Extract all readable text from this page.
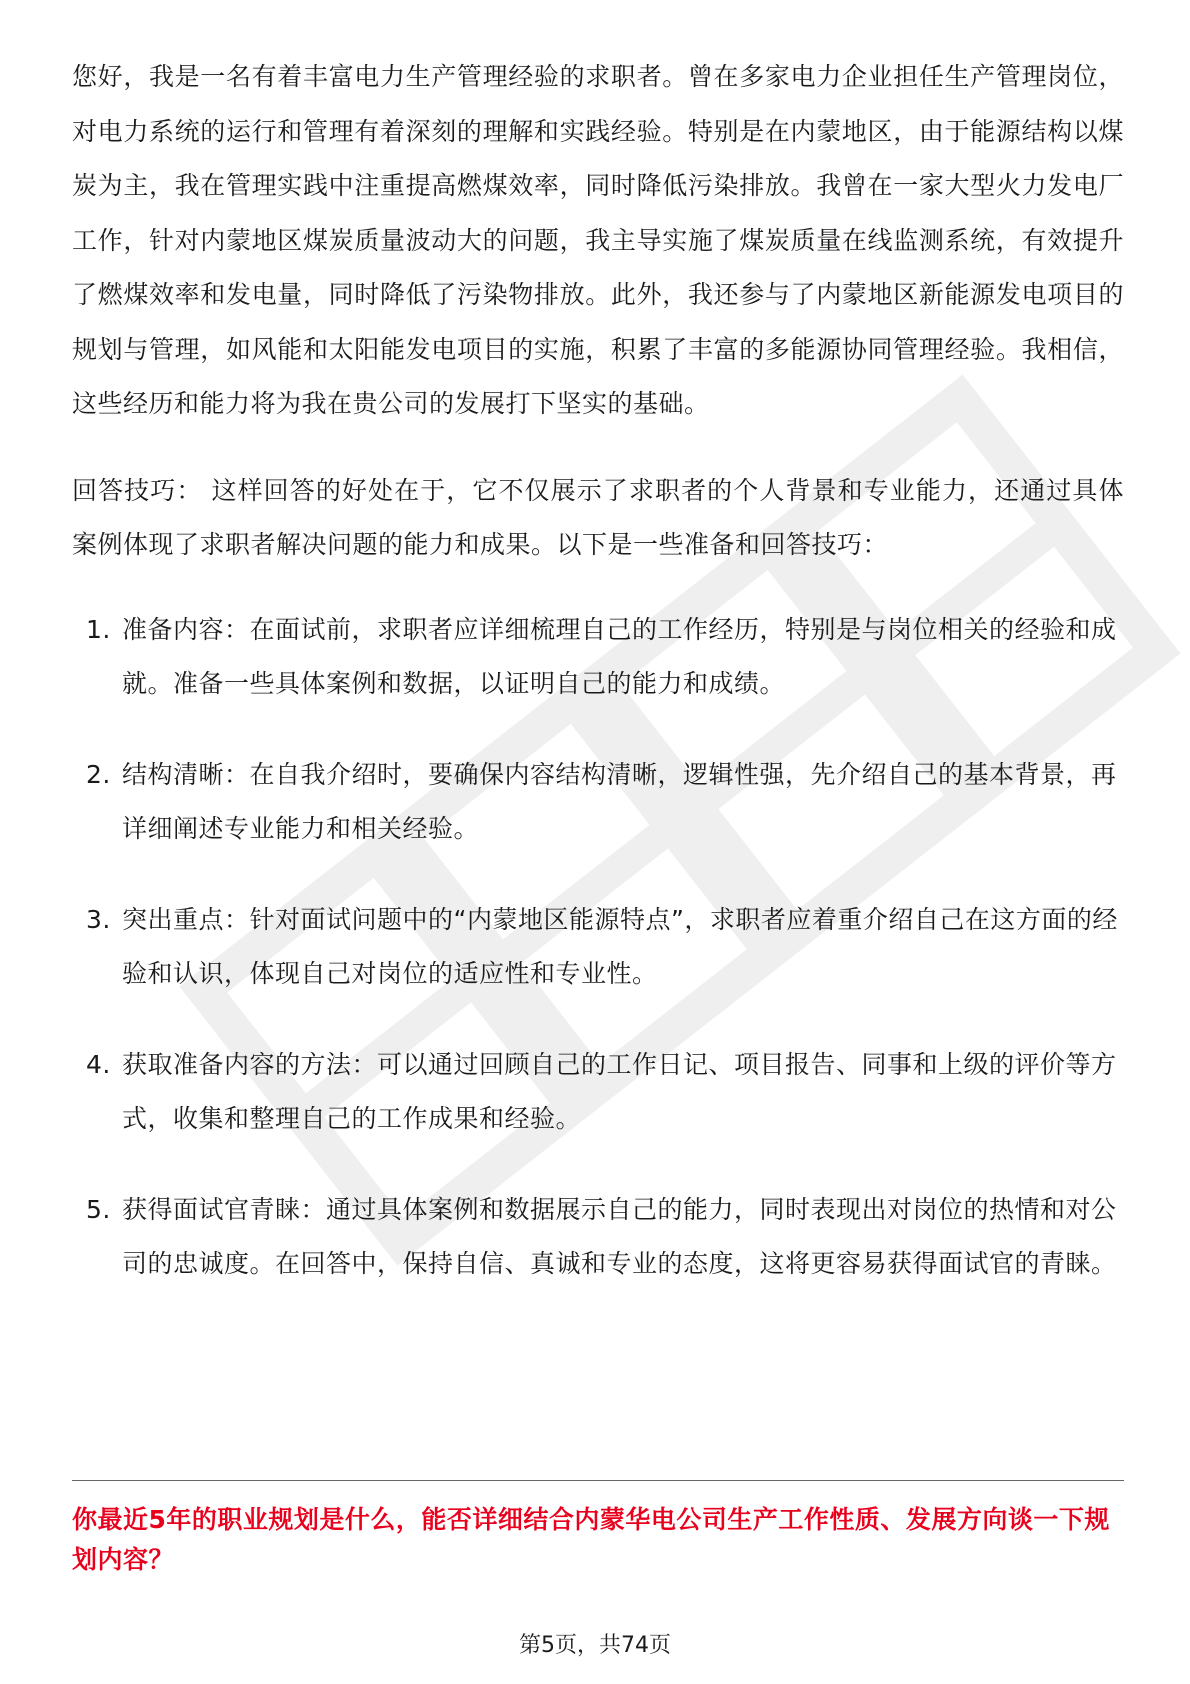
您好，我是一名有着丰富电力生产管理经验的求职者。曾在多家电力企业担任生产管理岗位，对电力系统的运行和管理有着深刻的理解和实践经验。特别是在内蒙地区，由于能源结构以煤炭为主，我在管理实践中注重提高燃煤效率，同时降低污染排放。我曾在一家大型火力发电厂工作，针对内蒙地区煤炭质量波动大的问题，我主导实施了煤炭质量在线监测系统，有效提升了燃煤效率和发电量，同时降低了污染物排放。此外，我还参与了内蒙地区新能源发电项目的规划与管理，如风能和太阳能发电项目的实施，积累了丰富的多能源协同管理经验。我相信，这些经历和能力将为我在贵公司的发展打下坚实的基础。

回答技巧： 这样回答的好处在于，它不仅展示了求职者的个人背景和专业能力，还通过具体案例体现了求职者解决问题的能力和成果。以下是一些准备和回答技巧：

1. 准备内容：在面试前，求职者应详细梳理自己的工作经历，特别是与岗位相关的经验和成就。准备一些具体案例和数据，以证明自己的能力和成绩。
2. 结构清晰：在自我介绍时，要确保内容结构清晰，逻辑性强，先介绍自己的基本背景，再详细阐述专业能力和相关经验。
3. 突出重点：针对面试问题中的“内蒙地区能源特点”，求职者应着重介绍自己在这方面的经验和认识，体现自己对岗位的适应性和专业性。
4. 获取准备内容的方法：可以通过回顾自己的工作日记、项目报告、同事和上级的评价等方式，收集和整理自己的工作成果和经验。
5. 获得面试官青睐：通过具体案例和数据展示自己的能力，同时表现出对岗位的热情和对公司的忠诚度。在回答中，保持自信、真诚和专业的态度，这将更容易获得面试官的青睐。
你最近5年的职业规划是什么，能否详细结合内蒙华电公司生产工作性质、发展方向谈一下规划内容？
第5页，共74页
